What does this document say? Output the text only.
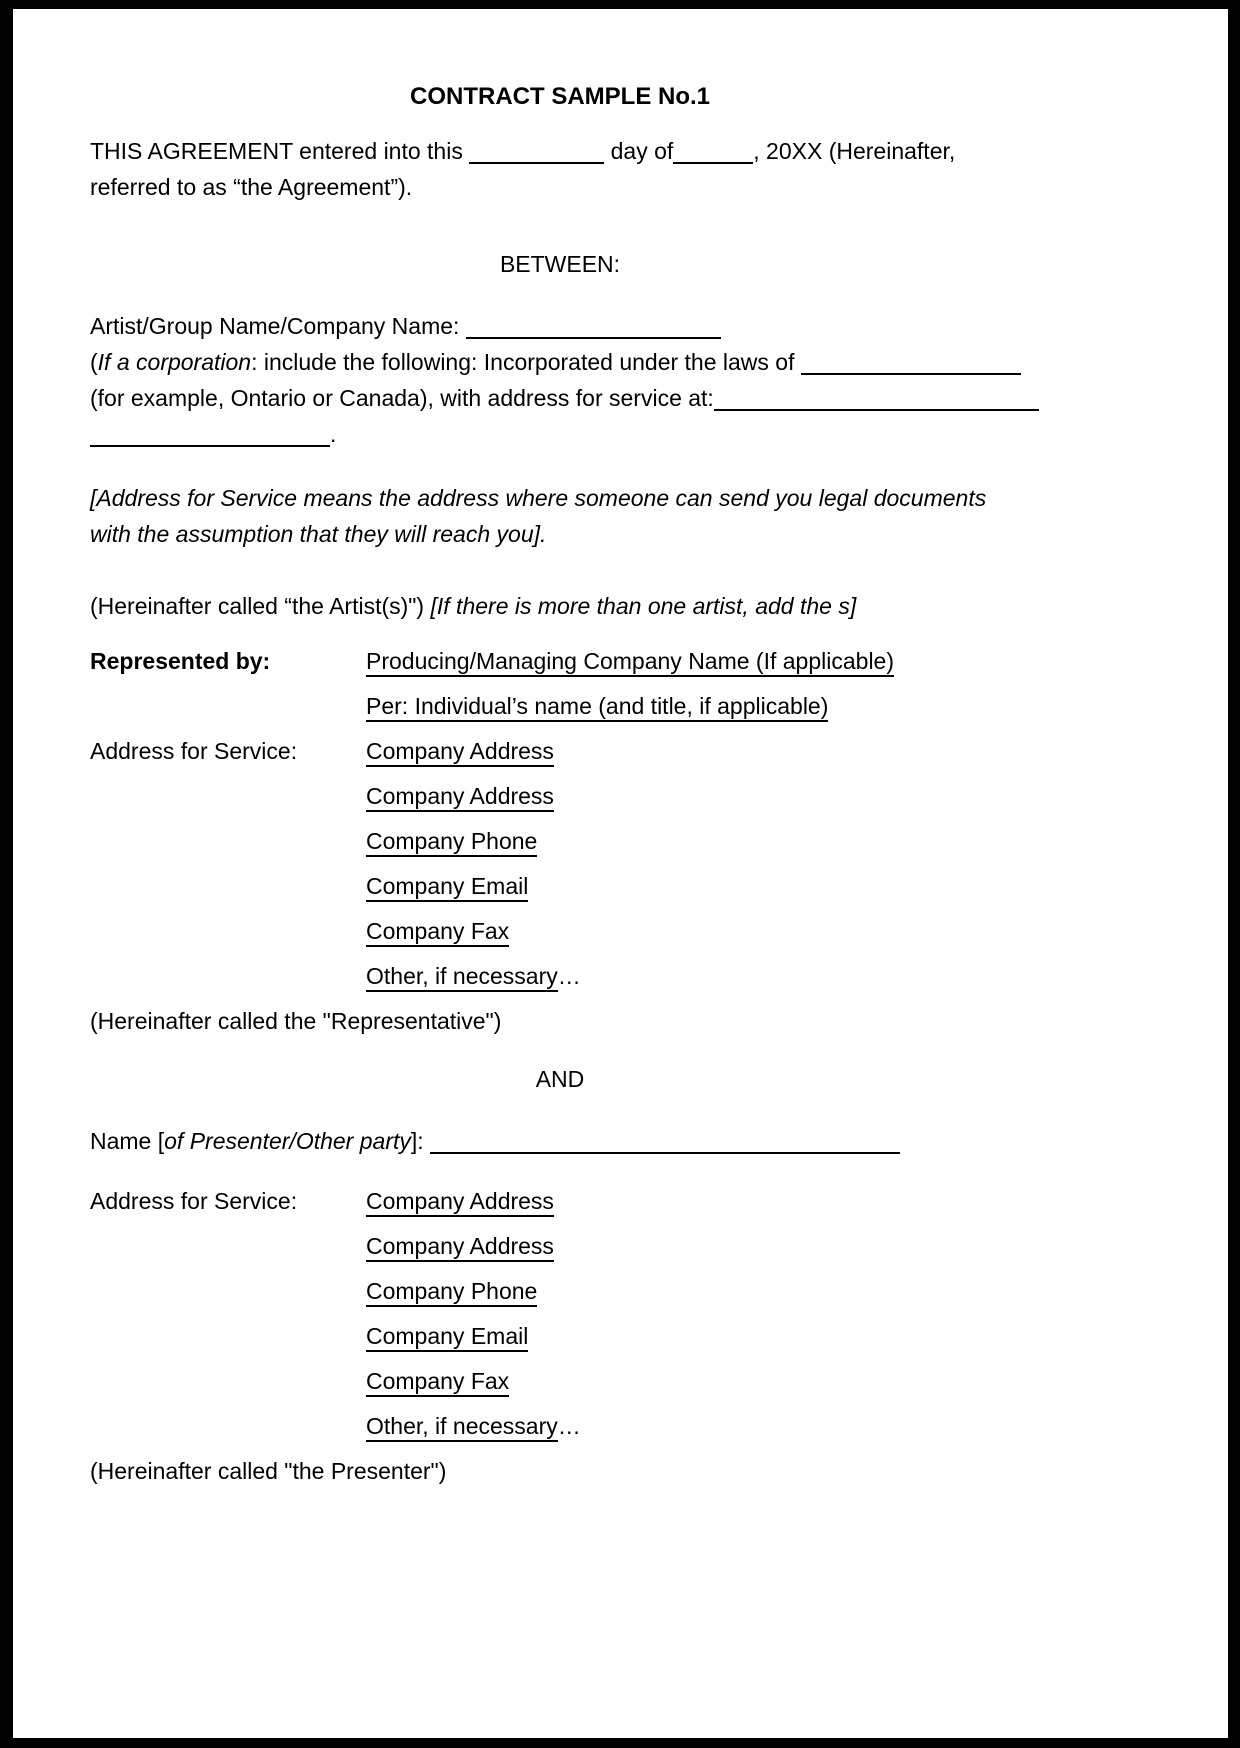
CONTRACT SAMPLE No.1

THIS AGREEMENT entered into this	day of	, 20XX (Hereinafter,
referred to as “the Agreement”).

BETWEEN:

Artist/Group Name/Company Name:
(If a corporation: include the following: Incorporated under the laws of
(for example, Ontario or Canada), with address for service at:
.

[Address for Service means the address where someone can send you legal documents
with the assumption that they will reach you].

(Hereinafter called “the Artist(s)") [If there is more than one artist, add the s]

Represented by:	Producing/Managing Company Name (If applicable)
Per: Individual’s name (and title, if applicable)
Address for Service:	Company Address
Company Address
Company Phone
Company Email
Company Fax
Other, if necessary…

(Hereinafter called the "Representative")

AND

Name [of Presenter/Other party]:

Address for Service:	Company Address
Company Address
Company Phone
Company Email
Company Fax
Other, if necessary…

(Hereinafter called "the Presenter")
